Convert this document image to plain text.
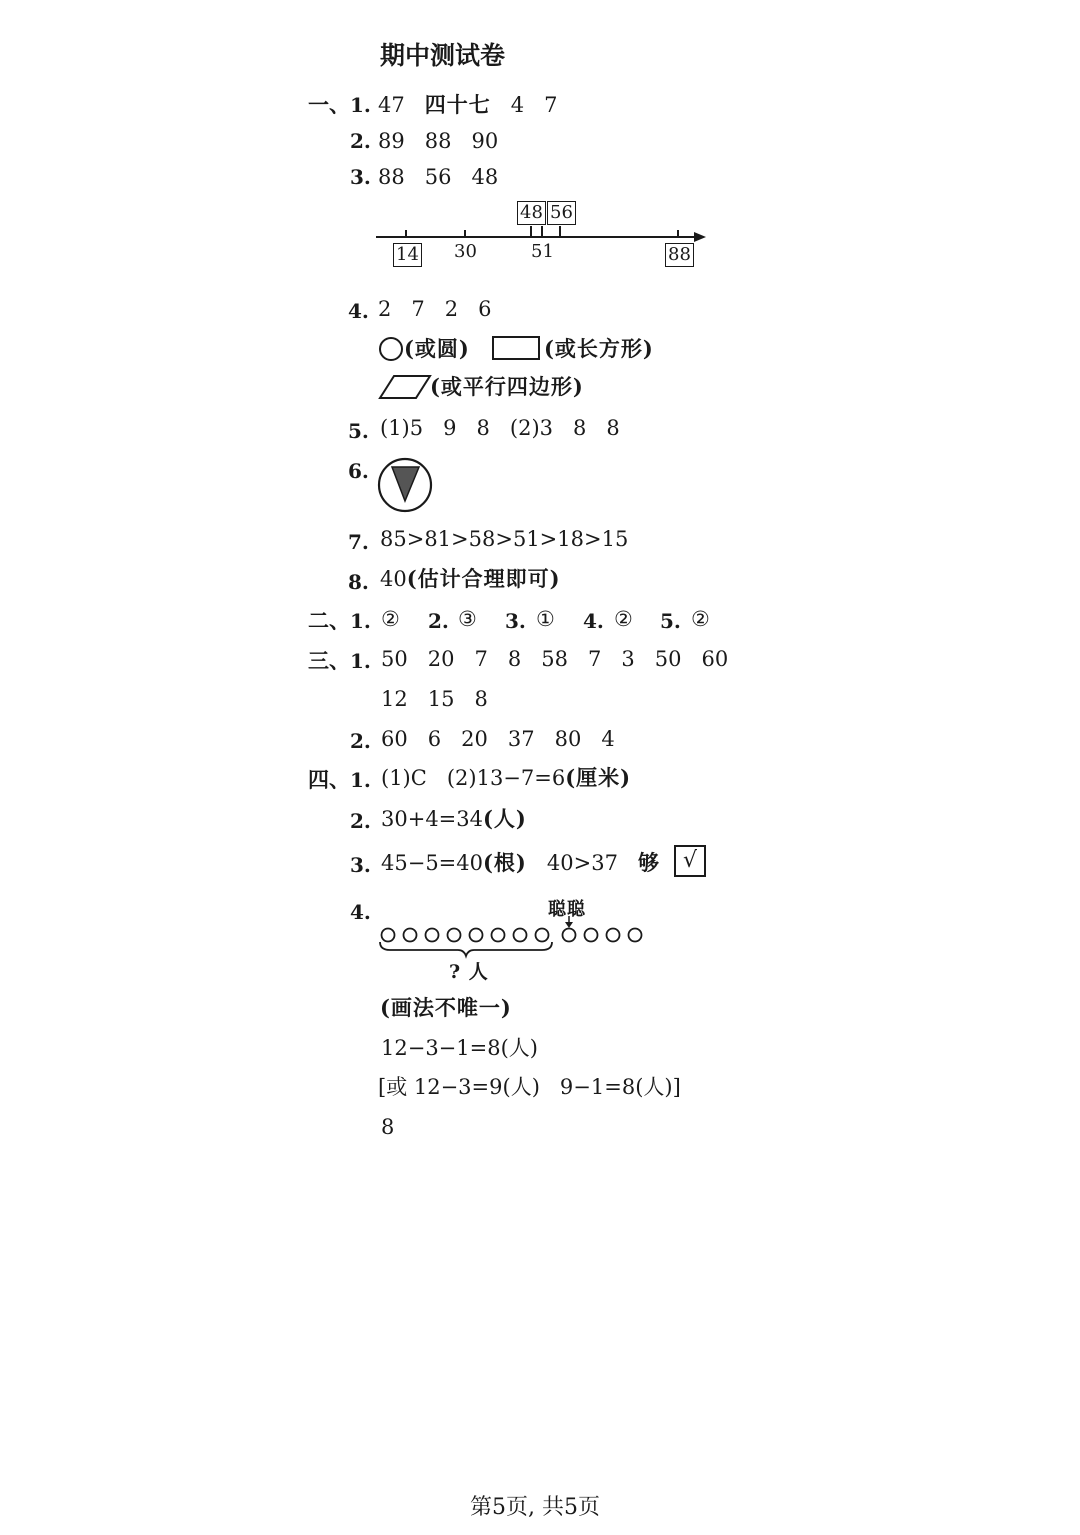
期中测试卷
一、 1. 47 四十七 4   7
2. 89   88   90
3. 88   56   48
48 56
14	88
30	51
4. 2   7   2   6
(或圆)	(或长方形)
(或平行四边形)
5. (1)5   9   8   (2)3   8   8
6.
7. 85>81>58>51>18>15
8. 40(估计合理即可)
二、 1. ② 2. ③ 3. ① 4. ② 5. ②
三、 1. 50   20   7   8   58   7   3   50   60
12   15   8
2. 60   6   20   37   80   4
四、 1. (1)C   (2)13−7=6(厘米)
2. 30+4=34(人)
3. 45−5=40(根) 40>37 够	√
4.	聪聪
? 人
(画法不唯一)
12−3−1=8(人)
[或 12−3=9(人)   9−1=8(人)]
8
第5页, 共5页
